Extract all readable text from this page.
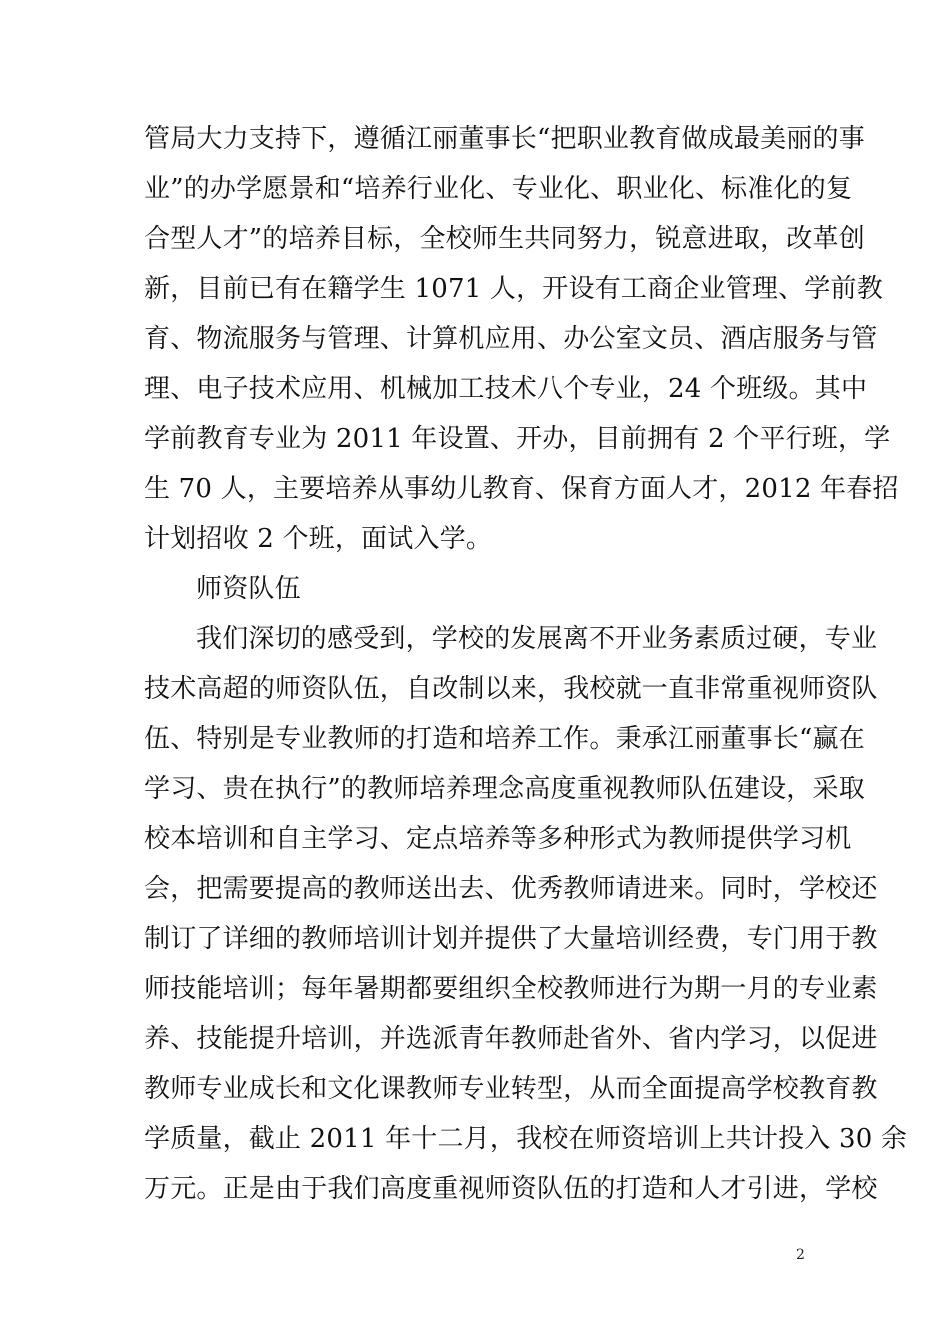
管局大力支持下，遵循江丽董事长“把职业教育做成最美丽的事
业”的办学愿景和“培养行业化、专业化、职业化、标准化的复
合型人才”的培养目标，全校师生共同努力，锐意进取，改革创
新，目前已有在籍学生 1071 人，开设有工商企业管理、学前教
育、物流服务与管理、计算机应用、办公室文员、酒店服务与管
理、电子技术应用、机械加工技术八个专业，24 个班级。其中
学前教育专业为 2011 年设置、开办，目前拥有 2 个平行班，学
生 70 人，主要培养从事幼儿教育、保育方面人才，2012 年春招
计划招收 2 个班，面试入学。
师资队伍
我们深切的感受到，学校的发展离不开业务素质过硬，专业
技术高超的师资队伍，自改制以来，我校就一直非常重视师资队
伍、特别是专业教师的打造和培养工作。秉承江丽董事长“赢在
学习、贵在执行”的教师培养理念高度重视教师队伍建设，采取
校本培训和自主学习、定点培养等多种形式为教师提供学习机
会，把需要提高的教师送出去、优秀教师请进来。同时，学校还
制订了详细的教师培训计划并提供了大量培训经费，专门用于教
师技能培训；每年暑期都要组织全校教师进行为期一月的专业素
养、技能提升培训，并选派青年教师赴省外、省内学习，以促进
教师专业成长和文化课教师专业转型，从而全面提高学校教育教
学质量，截止 2011 年十二月，我校在师资培训上共计投入 30 余
万元。正是由于我们高度重视师资队伍的打造和人才引进，学校
2
